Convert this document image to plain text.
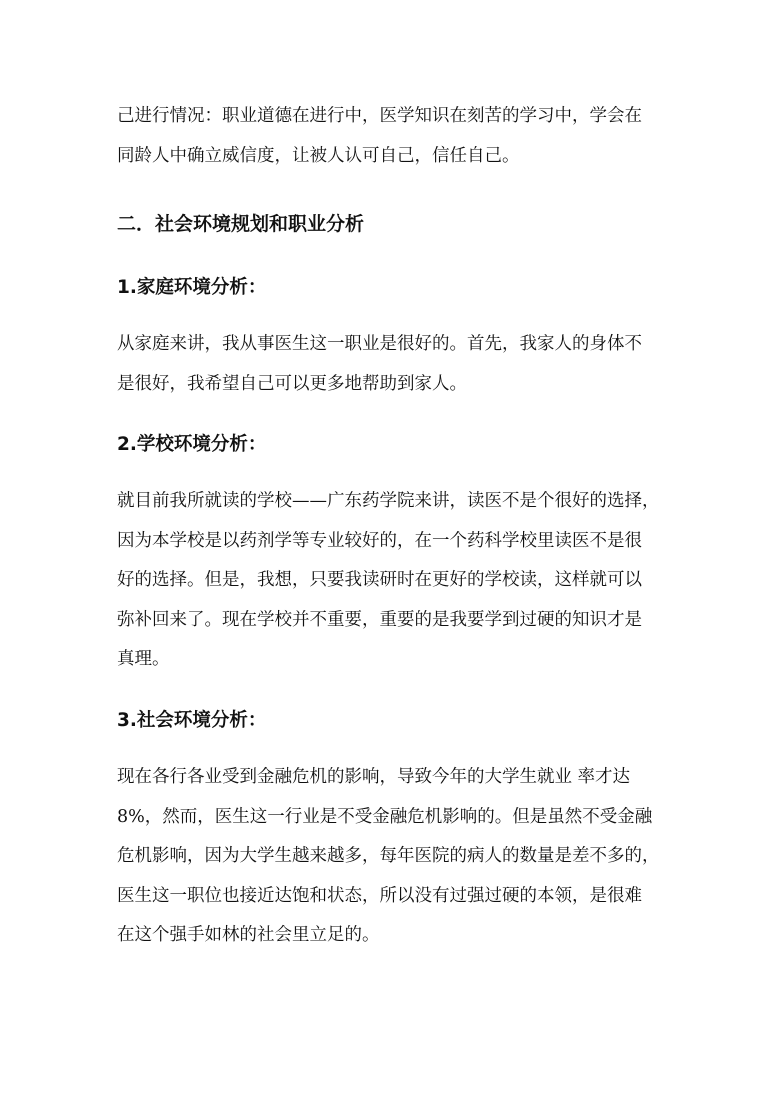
己进行情况：职业道德在进行中，医学知识在刻苦的学习中，学会在
同龄人中确立威信度，让被人认可自己，信任自己。

二．社会环境规划和职业分析
1.家庭环境分析：

从家庭来讲，我从事医生这一职业是很好的。首先，我家人的身体不
是很好，我希望自己可以更多地帮助到家人。

2.学校环境分析：

就目前我所就读的学校——广东药学院来讲，读医不是个很好的选择，
因为本学校是以药剂学等专业较好的，在一个药科学校里读医不是很
好的选择。但是，我想，只要我读研时在更好的学校读，这样就可以
弥补回来了。现在学校并不重要，重要的是我要学到过硬的知识才是
真理。

3.社会环境分析：

现在各行各业受到金融危机的影响，导致今年的大学生就业 率才达
8%，然而，医生这一行业是不受金融危机影响的。但是虽然不受金融
危机影响，因为大学生越来越多，每年医院的病人的数量是差不多的，
医生这一职位也接近达饱和状态，所以没有过强过硬的本领，是很难
在这个强手如林的社会里立足的。
